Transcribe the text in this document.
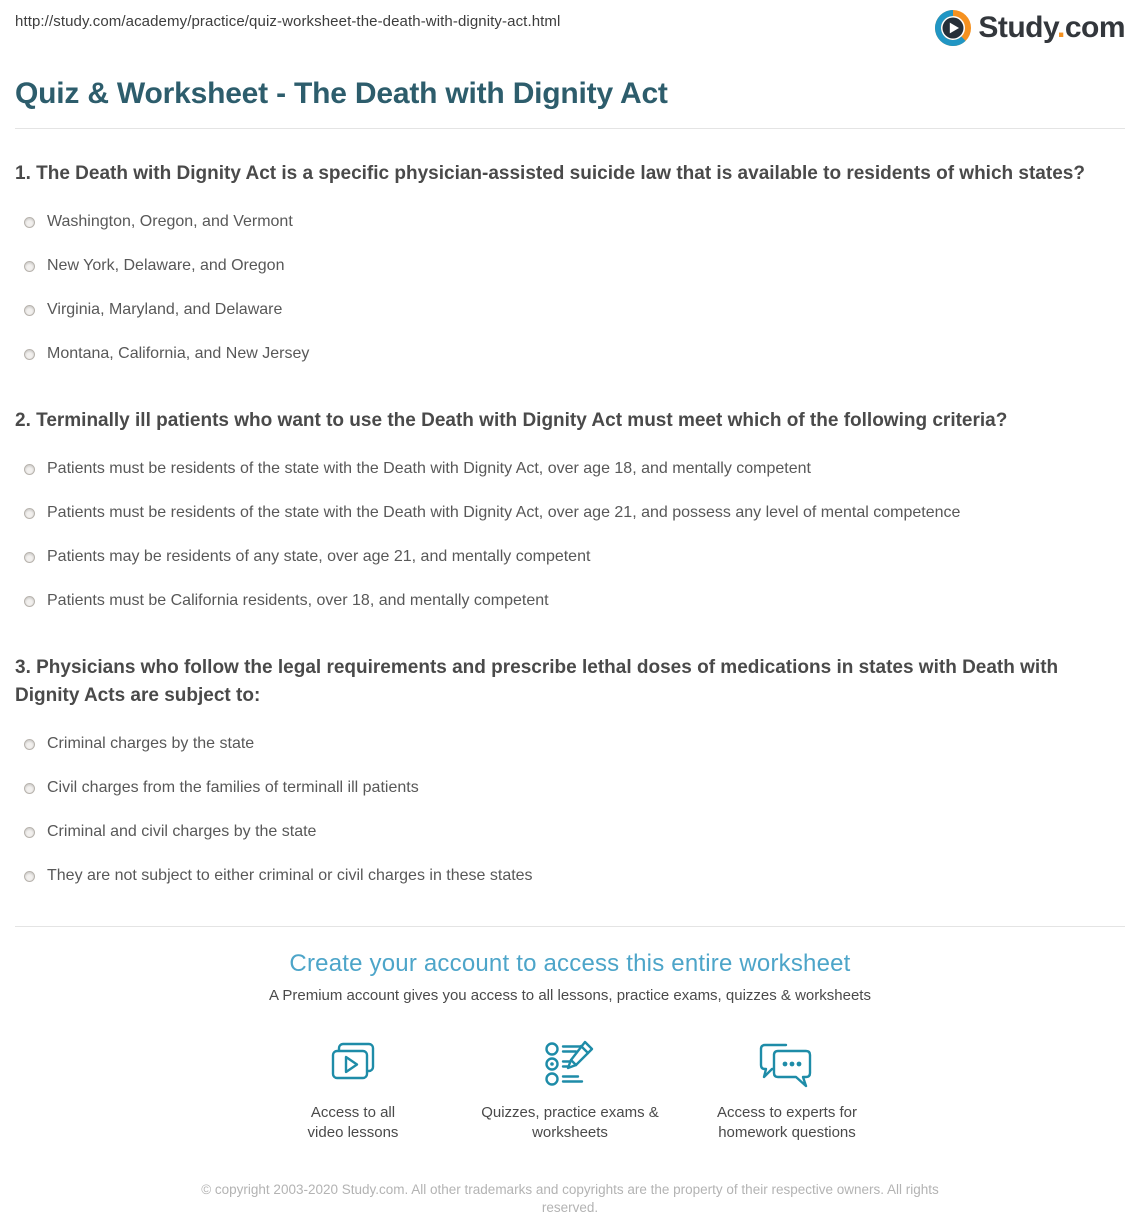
http://study.com/academy/practice/quiz-worksheet-the-death-with-dignity-act.html	Study.com
Quiz & Worksheet - The Death with Dignity Act

1. The Death with Dignity Act is a specific physician-assisted suicide law that is available to residents of which states?

Washington, Oregon, and Vermont
New York, Delaware, and Oregon
Virginia, Maryland, and Delaware
Montana, California, and New Jersey

2. Terminally ill patients who want to use the Death with Dignity Act must meet which of the following criteria?

Patients must be residents of the state with the Death with Dignity Act, over age 18, and mentally competent
Patients must be residents of the state with the Death with Dignity Act, over age 21, and possess any level of mental competence
Patients may be residents of any state, over age 21, and mentally competent
Patients must be California residents, over 18, and mentally competent

3. Physicians who follow the legal requirements and prescribe lethal doses of medications in states with Death with Dignity Acts are subject to:

Criminal charges by the state
Civil charges from the families of terminall ill patients
Criminal and civil charges by the state
They are not subject to either criminal or civil charges in these states
Create your account to access this entire worksheet

A Premium account gives you access to all lessons, practice exams, quizzes & worksheets

Access to all video lessons
Quizzes, practice exams & worksheets
Access to experts for homework questions
© copyright 2003-2020 Study.com. All other trademarks and copyrights are the property of their respective owners. All rights reserved.
